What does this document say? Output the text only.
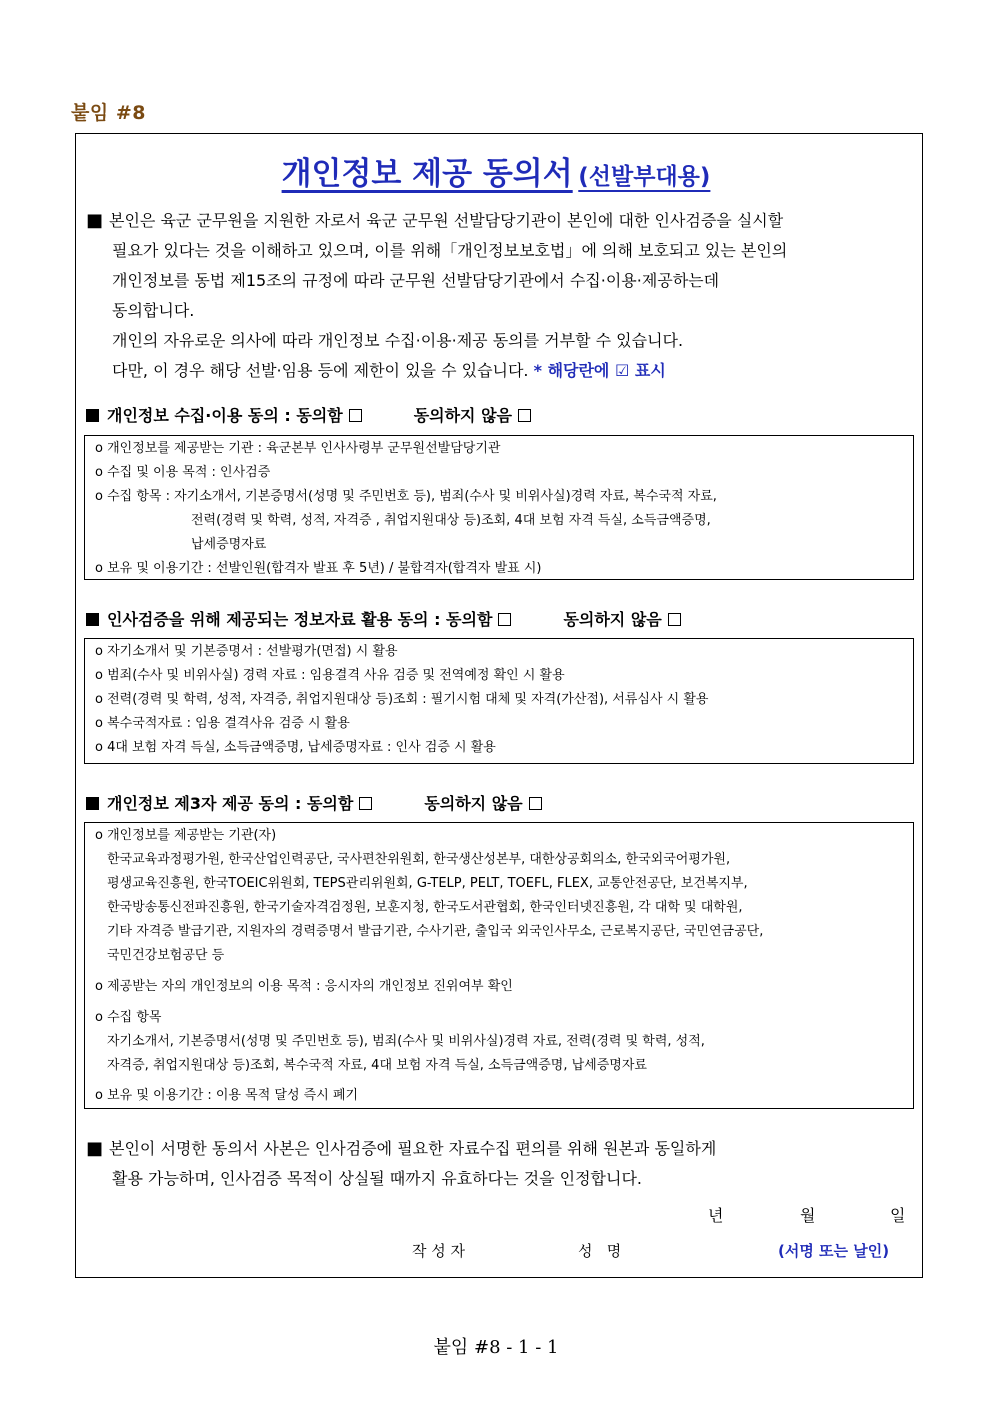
붙임 #8
개인정보 제공 동의서 (선발부대용)

■ 본인은 육군 군무원을 지원한 자로서 육군 군무원 선발담당기관이 본인에 대한 인사검증을 실시할

필요가 있다는 것을 이해하고 있으며, 이를 위해「개인정보보호법」에 의해 보호되고 있는 본인의

개인정보를 동법 제15조의 규정에 따라 군무원 선발담당기관에서 수집·이용·제공하는데

동의합니다.

개인의 자유로운 의사에 따라 개인정보 수집·이용·제공 동의를 거부할 수 있습니다.

다만, 이 경우 해당 선발·임용 등에 제한이 있을 수 있습니다. * 해당란에 ☑ 표시

개인정보 수집·이용 동의 : 동의함	동의하지 않음

o 개인정보를 제공받는 기관 : 육군본부 인사사령부 군무원선발담당기관

o 수집 및 이용 목적 : 인사검증

o 수집 항목 : 자기소개서, 기본증명서(성명 및 주민번호 등), 범죄(수사 및 비위사실)경력 자료, 복수국적 자료,

전력(경력 및 학력, 성적, 자격증 , 취업지원대상 등)조회, 4대 보험 자격 득실, 소득금액증명,

납세증명자료

o 보유 및 이용기간 : 선발인원(합격자 발표 후 5년) / 불합격자(합격자 발표 시)

인사검증을 위해 제공되는 정보자료 활용 동의 : 동의함	동의하지 않음

o 자기소개서 및 기본증명서 : 선발평가(면접) 시 활용

o 범죄(수사 및 비위사실) 경력 자료 : 임용결격 사유 검증 및 전역예정 확인 시 활용

o 전력(경력 및 학력, 성적, 자격증, 취업지원대상 등)조회 : 필기시험 대체 및 자격(가산점), 서류심사 시 활용

o 복수국적자료 : 임용 결격사유 검증 시 활용

o 4대 보험 자격 득실, 소득금액증명, 납세증명자료 : 인사 검증 시 활용

개인정보 제3자 제공 동의 : 동의함	동의하지 않음

o 개인정보를 제공받는 기관(자)

한국교육과정평가원, 한국산업인력공단, 국사편찬위원회, 한국생산성본부, 대한상공회의소, 한국외국어평가원,

평생교육진흥원, 한국TOEIC위원회, TEPS관리위원회, G-TELP, PELT, TOEFL, FLEX, 교통안전공단, 보건복지부,

한국방송통신전파진흥원, 한국기술자격검정원, 보훈지청, 한국도서관협회, 한국인터넷진흥원, 각 대학 및 대학원,

기타 자격증 발급기관, 지원자의 경력증명서 발급기관, 수사기관, 출입국 외국인사무소, 근로복지공단, 국민연금공단,

국민건강보험공단 등

o 제공받는 자의 개인정보의 이용 목적 : 응시자의 개인정보 진위여부 확인

o 수집 항목

자기소개서, 기본증명서(성명 및 주민번호 등), 범죄(수사 및 비위사실)경력 자료, 전력(경력 및 학력, 성적,

자격증, 취업지원대상 등)조회, 복수국적 자료, 4대 보험 자격 득실, 소득금액증명, 납세증명자료

o 보유 및 이용기간 : 이용 목적 달성 즉시 폐기

■ 본인이 서명한 동의서 사본은 인사검증에 필요한 자료수집 편의를 위해 원본과 동일하게

활용 가능하며, 인사검증 목적이 상실될 때까지 유효하다는 것을 인정합니다.

년	월	일
작 성 자	성   명	(서명 또는 날인)
붙임 #8 - 1 - 1
